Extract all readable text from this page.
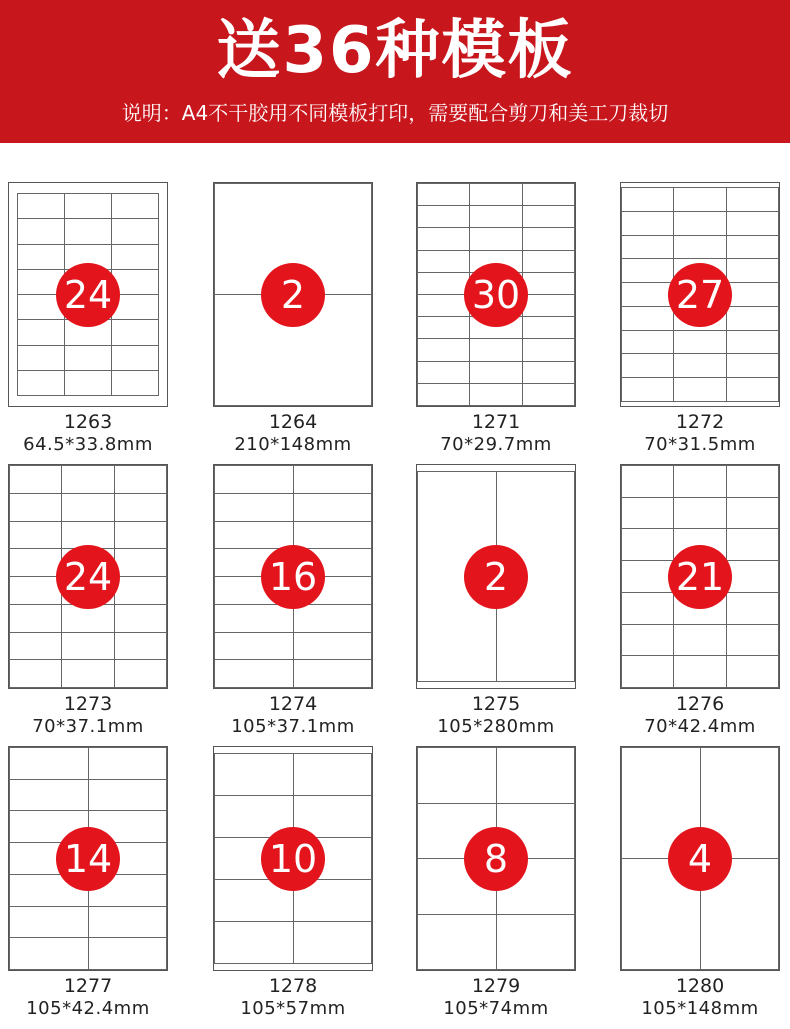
送36种模板
说明：A4不干胶用不同模板打印，需要配合剪刀和美工刀裁切
24
1263
64.5*33.8mm
2
1264
210*148mm
30
1271
70*29.7mm
27
1272
70*31.5mm
24
1273
70*37.1mm
16
1274
105*37.1mm
2
1275
105*280mm
21
1276
70*42.4mm
14
1277
105*42.4mm
10
1278
105*57mm
8
1279
105*74mm
4
1280
105*148mm
